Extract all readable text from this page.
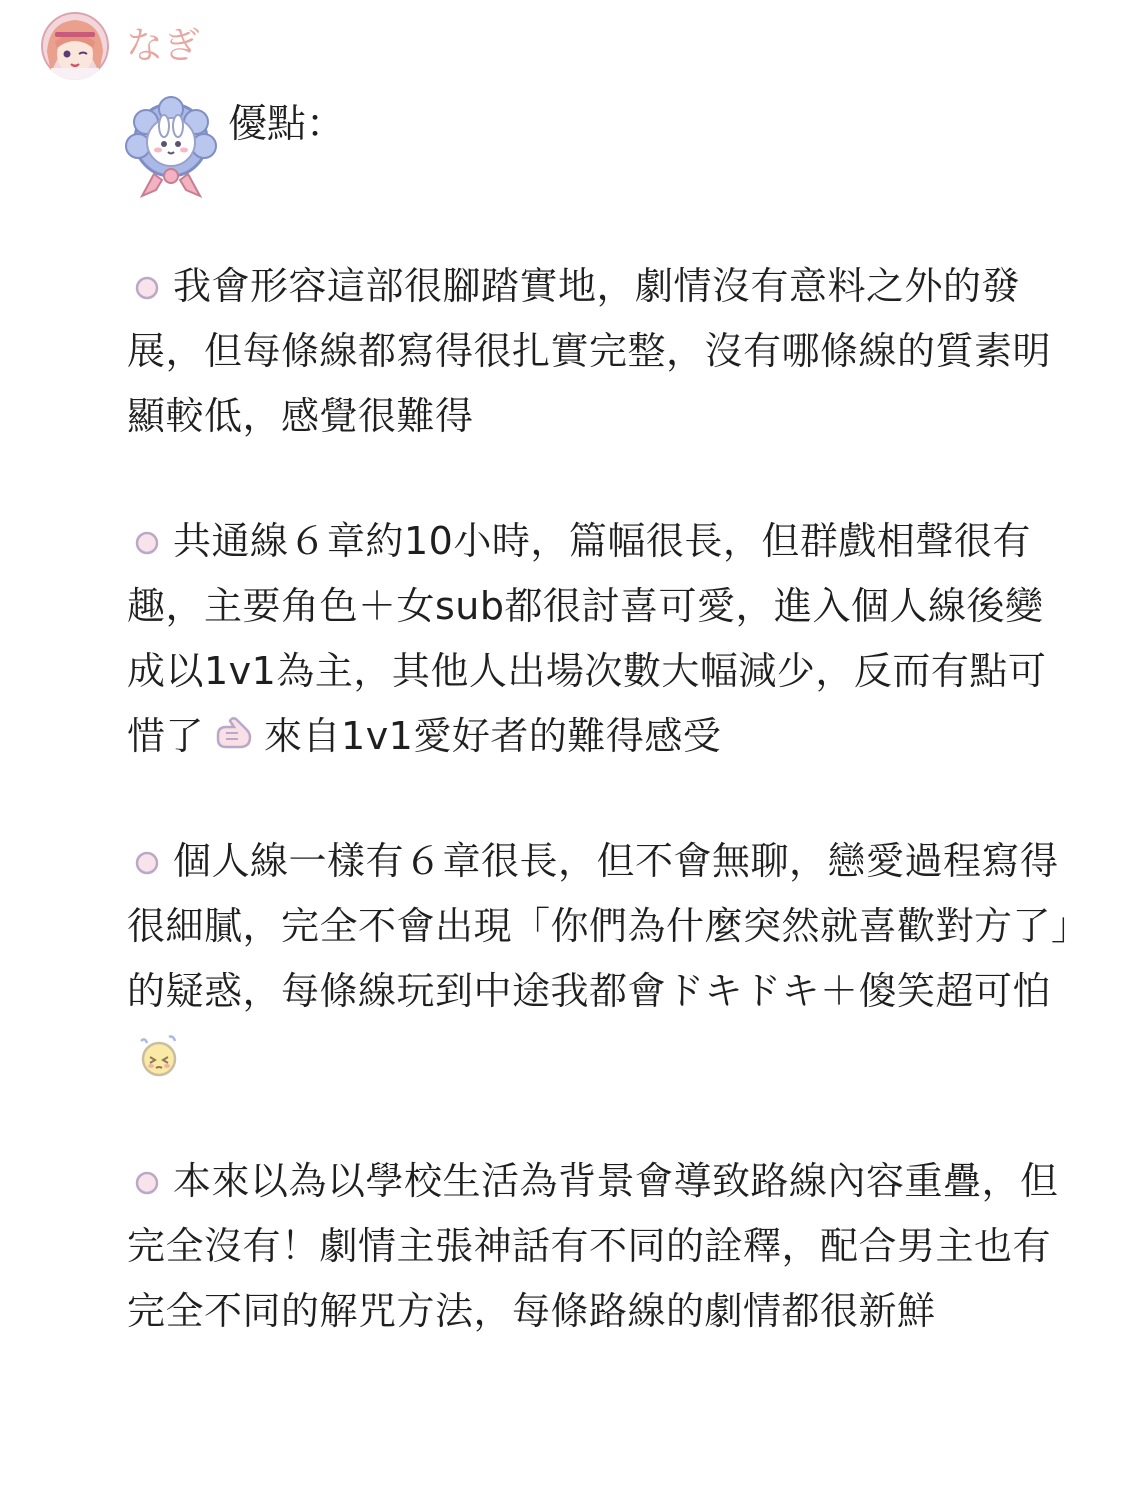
なぎ
優點：

我會形容這部很腳踏實地，劇情沒有意料之外的發展，但每條線都寫得很扎實完整，沒有哪條線的質素明顯較低，感覺很難得

共通線６章約10小時，篇幅很長，但群戲相聲很有趣，主要角色＋女sub都很討喜可愛，進入個人線後變成以1v1為主，其他人出場次數大幅減少，反而有點可惜了 來自1v1愛好者的難得感受

個人線一樣有６章很長，但不會無聊，戀愛過程寫得很細膩，完全不會出現「你們為什麼突然就喜歡對方了」的疑惑，每條線玩到中途我都會ドキドキ＋傻笑超可怕

本來以為以學校生活為背景會導致路線內容重疊，但完全沒有！劇情主張神話有不同的詮釋，配合男主也有完全不同的解咒方法，每條路線的劇情都很新鮮
